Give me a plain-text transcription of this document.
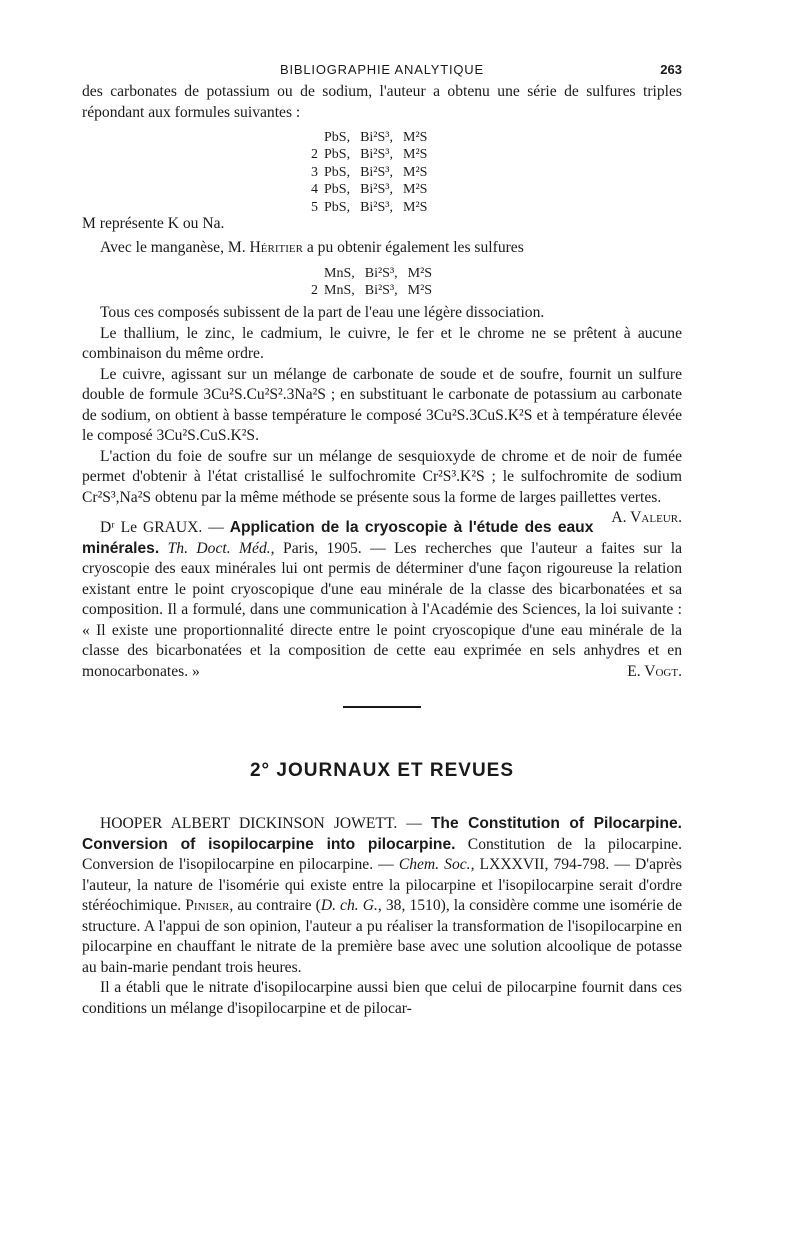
BIBLIOGRAPHIE ANALYTIQUE	263

des carbonates de potassium ou de sodium, l'auteur a obtenu une série de sulfures triples répondant aux formules suivantes :

	PbS,	Bi²S³,	M²S
2	PbS,	Bi²S³,	M²S
3	PbS,	Bi²S³,	M²S
4	PbS,	Bi²S³,	M²S
5	PbS,	Bi²S³,	M²S

M représente K ou Na.

Avec le manganèse, M. Héritier a pu obtenir également les sulfures

	MnS,	Bi²S³,	M²S
2	MnS,	Bi²S³,	M²S

Tous ces composés subissent de la part de l'eau une légère dissociation.

Le thallium, le zinc, le cadmium, le cuivre, le fer et le chrome ne se prêtent à aucune combinaison du même ordre.

Le cuivre, agissant sur un mélange de carbonate de soude et de soufre, fournit un sulfure double de formule 3Cu²S.Cu²S².3Na²S ; en substituant le carbonate de potassium au carbonate de sodium, on obtient à basse température le composé 3Cu²S.3CuS.K²S et à température élevée le composé 3Cu²S.CuS.K²S.

L'action du foie de soufre sur un mélange de sesquioxyde de chrome et de noir de fumée permet d'obtenir à l'état cristallisé le sulfochromite Cr²S³.K²S ; le sulfochromite de sodium Cr²S³,Na²S obtenu par la même méthode se présente sous la forme de larges paillettes vertes.
A. Valeur.

Dʳ Le GRAUX. — Application de la cryoscopie à l'étude des eaux minérales. Th. Doct. Méd., Paris, 1905. — Les recherches que l'auteur a faites sur la cryoscopie des eaux minérales lui ont permis de déterminer d'une façon rigoureuse la relation existant entre le point cryoscopique d'une eau minérale de la classe des bicarbonatées et sa composition. Il a formulé, dans une communication à l'Académie des Sciences, la loi suivante : « Il existe une proportionnalité directe entre le point cryoscopique d'une eau minérale de la classe des bicarbonatées et la composition de cette eau exprimée en sels anhydres et en monocarbonates. »	E. Vogt.

2° JOURNAUX ET REVUES

HOOPER ALBERT DICKINSON JOWETT. — The Constitution of Pilocarpine. Conversion of isopilocarpine into pilocarpine. Constitution de la pilocarpine. Conversion de l'isopilocarpine en pilocarpine. — Chem. Soc., LXXXVII, 794-798. — D'après l'auteur, la nature de l'isomérie qui existe entre la pilocarpine et l'isopilocarpine serait d'ordre stéréochimique. Piniser, au contraire (D. ch. G., 38, 1510), la considère comme une isomérie de structure. A l'appui de son opinion, l'auteur a pu réaliser la transformation de l'isopilocarpine en pilocarpine en chauffant le nitrate de la première base avec une solution alcoolique de potasse au bain-marie pendant trois heures.

Il a établi que le nitrate d'isopilocarpine aussi bien que celui de pilocarpine fournit dans ces conditions un mélange d'isopilocarpine et de pilocar-
